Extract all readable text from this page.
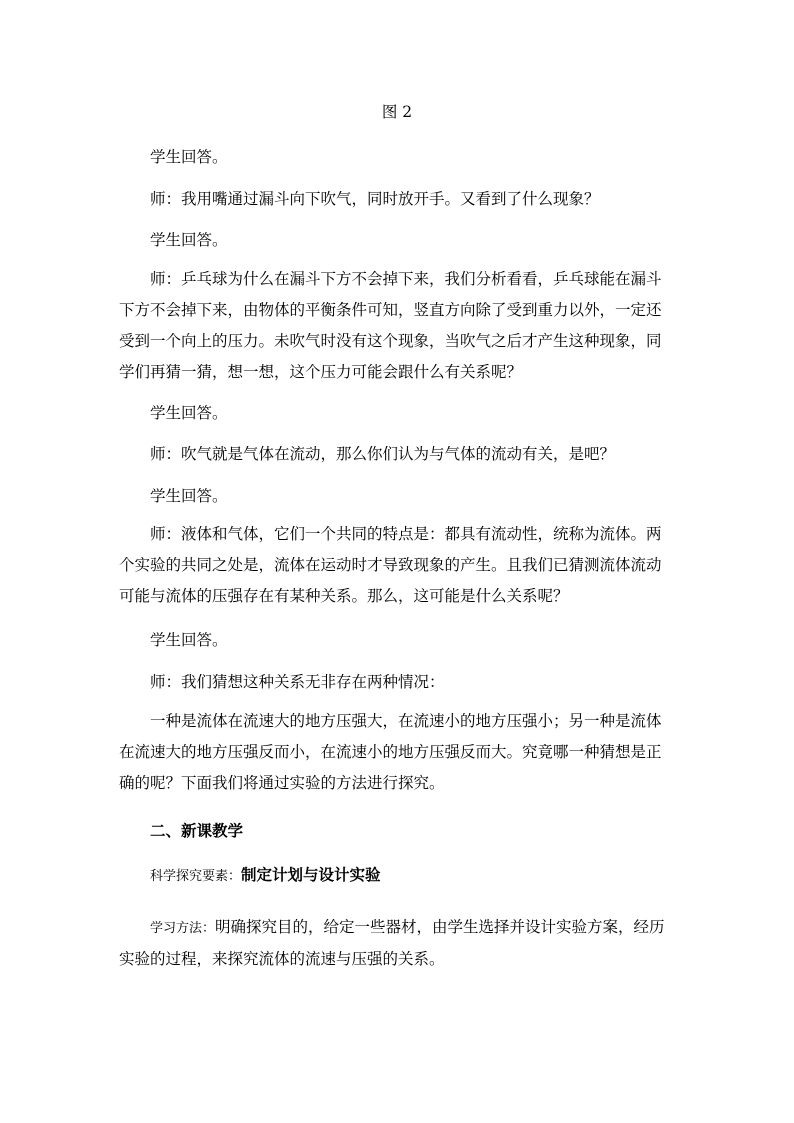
图 2

学生回答。

师：我用嘴通过漏斗向下吹气，同时放开手。又看到了什么现象？

学生回答。

师：乒乓球为什么在漏斗下方不会掉下来，我们分析看看，乒乓球能在漏斗下方不会掉下来，由物体的平衡条件可知，竖直方向除了受到重力以外，一定还受到一个向上的压力。未吹气时没有这个现象，当吹气之后才产生这种现象，同学们再猜一猜，想一想，这个压力可能会跟什么有关系呢？

学生回答。

师：吹气就是气体在流动，那么你们认为与气体的流动有关，是吧？

学生回答。

师：液体和气体，它们一个共同的特点是：都具有流动性，统称为流体。两个实验的共同之处是，流体在运动时才导致现象的产生。且我们已猜测流体流动可能与流体的压强存在有某种关系。那么，这可能是什么关系呢？

学生回答。

师：我们猜想这种关系无非存在两种情况：

一种是流体在流速大的地方压强大，在流速小的地方压强小；另一种是流体在流速大的地方压强反而小，在流速小的地方压强反而大。究竟哪一种猜想是正确的呢？下面我们将通过实验的方法进行探究。

二、新课教学

科学探究要素：制定计划与设计实验

学习方法：明确探究目的，给定一些器材，由学生选择并设计实验方案，经历实验的过程，来探究流体的流速与压强的关系。
